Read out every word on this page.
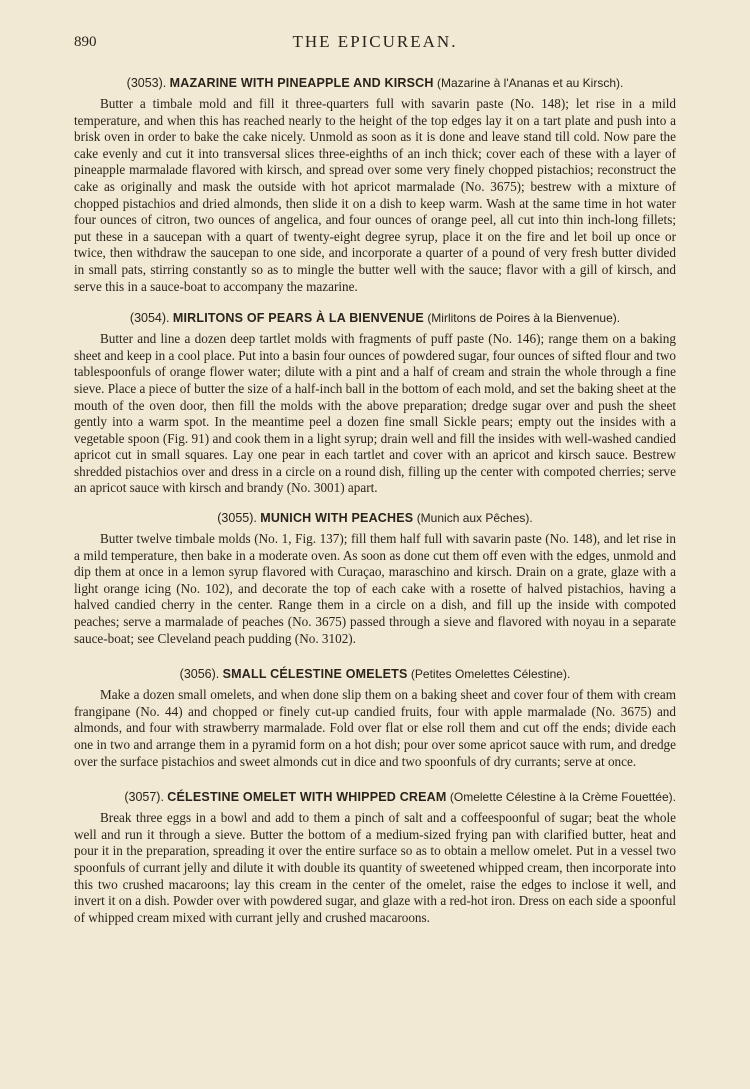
890	THE EPICUREAN.
(3053). MAZARINE WITH PINEAPPLE AND KIRSCH (Mazarine à l'Ananas et au Kirsch).

Butter a timbale mold and fill it three-quarters full with savarin paste (No. 148); let rise in a mild temperature, and when this has reached nearly to the height of the top edges lay it on a tart plate and push into a brisk oven in order to bake the cake nicely. Unmold as soon as it is done and leave stand till cold. Now pare the cake evenly and cut it into transversal slices three-eighths of an inch thick; cover each of these with a layer of pineapple marmalade flavored with kirsch, and spread over some very finely chopped pistachios; reconstruct the cake as originally and mask the outside with hot apricot marmalade (No. 3675); bestrew with a mixture of chopped pistachios and dried almonds, then slide it on a dish to keep warm. Wash at the same time in hot water four ounces of citron, two ounces of angelica, and four ounces of orange peel, all cut into thin inch-long fillets; put these in a saucepan with a quart of twenty-eight degree syrup, place it on the fire and let boil up once or twice, then withdraw the saucepan to one side, and incorporate a quarter of a pound of very fresh butter divided in small pats, stirring constantly so as to mingle the butter well with the sauce; flavor with a gill of kirsch, and serve this in a sauce-boat to accompany the mazarine.

(3054). MIRLITONS OF PEARS À LA BIENVENUE (Mirlitons de Poires à la Bienvenue).

Butter and line a dozen deep tartlet molds with fragments of puff paste (No. 146); range them on a baking sheet and keep in a cool place. Put into a basin four ounces of powdered sugar, four ounces of sifted flour and two tablespoonfuls of orange flower water; dilute with a pint and a half of cream and strain the whole through a fine sieve. Place a piece of butter the size of a half-inch ball in the bottom of each mold, and set the baking sheet at the mouth of the oven door, then fill the molds with the above preparation; dredge sugar over and push the sheet gently into a warm spot. In the meantime peel a dozen fine small Sickle pears; empty out the insides with a vegetable spoon (Fig. 91) and cook them in a light syrup; drain well and fill the insides with well-washed candied apricot cut in small squares. Lay one pear in each tartlet and cover with an apricot and kirsch sauce. Bestrew shredded pistachios over and dress in a circle on a round dish, filling up the center with compoted cherries; serve an apricot sauce with kirsch and brandy (No. 3001) apart.

(3055). MUNICH WITH PEACHES (Munich aux Pêches).

Butter twelve timbale molds (No. 1, Fig. 137); fill them half full with savarin paste (No. 148), and let rise in a mild temperature, then bake in a moderate oven. As soon as done cut them off even with the edges, unmold and dip them at once in a lemon syrup flavored with Curaçao, maraschino and kirsch. Drain on a grate, glaze with a light orange icing (No. 102), and decorate the top of each cake with a rosette of halved pistachios, having a halved candied cherry in the center. Range them in a circle on a dish, and fill up the inside with compoted peaches; serve a marmalade of peaches (No. 3675) passed through a sieve and flavored with noyau in a separate sauce-boat; see Cleveland peach pudding (No. 3102).

(3056). SMALL CÉLESTINE OMELETS (Petites Omelettes Célestine).

Make a dozen small omelets, and when done slip them on a baking sheet and cover four of them with cream frangipane (No. 44) and chopped or finely cut-up candied fruits, four with apple marmalade (No. 3675) and almonds, and four with strawberry marmalade. Fold over flat or else roll them and cut off the ends; divide each one in two and arrange them in a pyramid form on a hot dish; pour over some apricot sauce with rum, and dredge over the surface pistachios and sweet almonds cut in dice and two spoonfuls of dry currants; serve at once.

(3057). CÉLESTINE OMELET WITH WHIPPED CREAM (Omelette Célestine à la Crème Fouettée).

Break three eggs in a bowl and add to them a pinch of salt and a coffeespoonful of sugar; beat the whole well and run it through a sieve. Butter the bottom of a medium-sized frying pan with clarified butter, heat and pour it in the preparation, spreading it over the entire surface so as to obtain a mellow omelet. Put in a vessel two spoonfuls of currant jelly and dilute it with double its quantity of sweetened whipped cream, then incorporate into this two crushed macaroons; lay this cream in the center of the omelet, raise the edges to inclose it well, and invert it on a dish. Powder over with powdered sugar, and glaze with a red-hot iron. Dress on each side a spoonful of whipped cream mixed with currant jelly and crushed macaroons.
